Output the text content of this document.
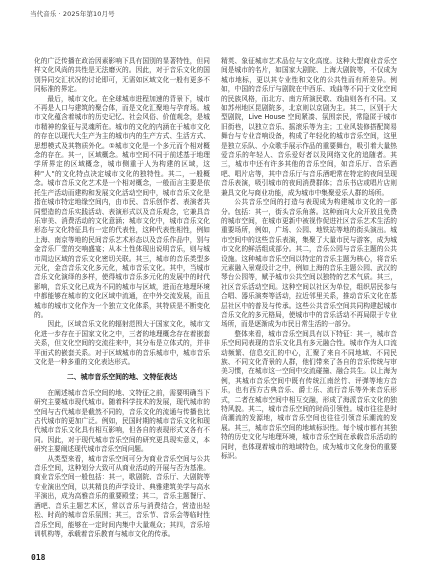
当代音乐 · 2025年第10月号

化的广泛传播在政治因素影响下具有国别的显著特性，但同样文化风尚的共性是无法磨灭的。因此，对于音乐文化的国别异同交汇状况的讨论即可，无需如区域文化一般有更多不同标准的界定。

最后，城市文化。在全球城市进程加速的背景下，城市不再是人口与建筑的聚合体，而是文化汇聚地与孕育场。城市文化蕴含着城市的历史记忆、社会风俗、价值观念，是城市精神的象征与灵魂所在。城市的文化的内涵在于城市文化的存在以现代大生产为主的城市内的生产方式、生活方式、思想模式及其物质外化。①城市文化是一个多元而个相对概念的存在。其一，区域概念。城市空间不同于前述基于地理学所界定的区域概念，城市侧重于人为构建的区域，这种"人"的文化特点决定城市文化的独特性。其二，一般概念。城市音乐文化艺术是一个相对概念，一般而言主要是依托生产活动而建构和发展文化活动空间中，城市音乐文化是指在城市特定地缘空间内，由市民、音乐创作者、表演者共同塑造的音乐实践活动、表演形式以及音乐观念，它兼具音乐审美、消费活动的文化意涵；城市文化中，城市音乐文化形态与文化特征具有一定的代表性，这种代表性相性，例如上海、南京等地的民间音乐艺术形态以及音乐作品中，别与金音乐厂堂的交响盛宴；从本土性体现出说明音乐，则与城市周边区域的音乐文化密切关联。其三，城市的音乐类型多元化，金音音乐文化多元化，城市音乐文化。其中，当城市音乐文化演绎的多样，使得城市音乐多元化的发展中的时代影响，音乐文化已成为不同的城市与区域，进而在地理环境中都能够在城市的文化区域中流通，在中外交流发展，而且城市的城市文化作为一个独立文化体系，其特质是不断变化的。

因此，区域音乐文化的辐射范围大于国家文化，城市文化进一步存在于国家文化之中，三者的地理概念存在着嵌套关系，但文化空间的交流往来中，其分布是立体式的，并非平面式的嵌套关系。对于区域城市的音乐城市中，城市音乐文化是一种多重的文化表达形式。

二、城市音乐空间的地、文特征表达

在阐述城市音乐空间的地、文特征之前，需要明确当下研究主要城市现代城市。随着科学技术的发展，现代城市的空间与古代城市是截然不同的，音乐文化的流通与传播也比古代城市的更加广泛。例如，民国时期的城市音乐文化和现代城市音乐文化具有相互影响，但各自的表现形式又各有不同。因此，对于现代城市音乐空间的研究更具现实意义，本研究主要阐述现代城市音乐空间问题。

从类型来看，城市音乐空间可分为商业音乐空间与公共音乐空间，这种划分大致可从商业活动的开展与否为基准。商业音乐空间一般包括：其一，歌剧院、音乐厅、大剧院等专业演出空间，以其精良的声学设计、典雅建筑美学与高水平演出，成为高雅音乐的重要殿堂；其二，音乐主题餐厅、酒吧、音乐主题艺术区，常以音乐与消费结合，营造出轻松、时尚的城市音乐氛围；其三，音乐节、音乐会等临时性音乐空间，能够在一定时间内集中大量观众；其四，音乐培训机构等，承载着音乐教育与城市文化的传承。

精英、象征城市艺术品位与文化高度。这种大型商业音乐空间是城市的名片，如国家大剧院、上海大剧院等，不仅成为城市地标，更以其专业性和文化的公共性而有所差异。例如，中国的音乐厅与剧院在中西乐、戏曲等不同于文化空间的民族风格，而北方、南方所演民歌、戏曲则各有不同。又如苏州地区昆剧院多，北京则以京剧为主。其二，区别于大型剧院，Live House 空间紧凑、氛围亲民，常隐匿于城市旧街巷，以独立音乐、摇滚乐等为主；工业风装修搭配简易舞台与专业音响设备，构成了年轻化的城市音乐空间，这里是独立乐队、小众歌手展示作品的重要舞台，吸引着大量热爱音乐的年轻人、音乐爱好者以及网络文化的追随者。其三，城市中还有许多其他的音乐空间，如音乐厅、音乐酒吧、唱片店等，其中音乐厅与音乐酒吧常在特定的夜间呈现音乐表演，吸引城市的夜间消费群体；音乐书店或唱片店则兼具文化与商业功能，成为城市中集聚爱乐人群的场所。

公共音乐空间的打造与表现成为构建城市文化的一部分。包括：其一，街头音乐角落。这种面向大众开放且免费的城市空间，在城市更新中被视作促进社区音乐艺术生活的重要场所，例如，广场、公园、地铁站等地的街头演出。城市空间中的这些音乐表演，集聚了大量市民与游客，成为城市文化的鲜活组成部分。其二，音乐公园与音乐主题的公共设施。这种城市音乐空间以特定的音乐主题为核心，将音乐元素融入景观设计之中，例如上海的音乐主题公园、武汉的琴台公园等，赋予城市公共空间以独特的艺术气质。其三，社区音乐活动空间。这种空间以社区为单位，组织居民参与合唱、器乐演奏等活动，拉近邻里关系，推动音乐文化在基层社区中的普及与传承。这些公共音乐空间共同构建起城市音乐文化的多元格局，使城市中的音乐活动不再局限于专业场所，而是逐渐成为市民日常生活的一部分。

整体来看，城市音乐空间具有以下特征：其一，城市音乐空间同表现的音乐文化具有多元融合性。城市作为人口流动频繁、信息交汇的中心，汇聚了来自不同地域、不同民族、不同文化背景的人群，他们带来了各自的音乐传统与审美习惯，在城市这一空间中交流碰撞、融合共生。以上海为例，其城市音乐空间中既有传统江南丝竹、评弹等地方音乐，也有西方古典音乐、爵士乐、流行音乐等外来音乐形式，二者在城市空间中相互交融，形成了海派音乐文化的独特风貌。其二，城市音乐空间的时尚引领性。城市往往是时尚潮流的发源地，城市音乐空间也往往引领音乐潮流的发展。其三，城市音乐空间的地域标识性。每个城市都有其独特的历史文化与地理环境，城市音乐空间在承载音乐活动的同时，也体现着城市的地域特色，成为城市文化身份的重要标识。

018
